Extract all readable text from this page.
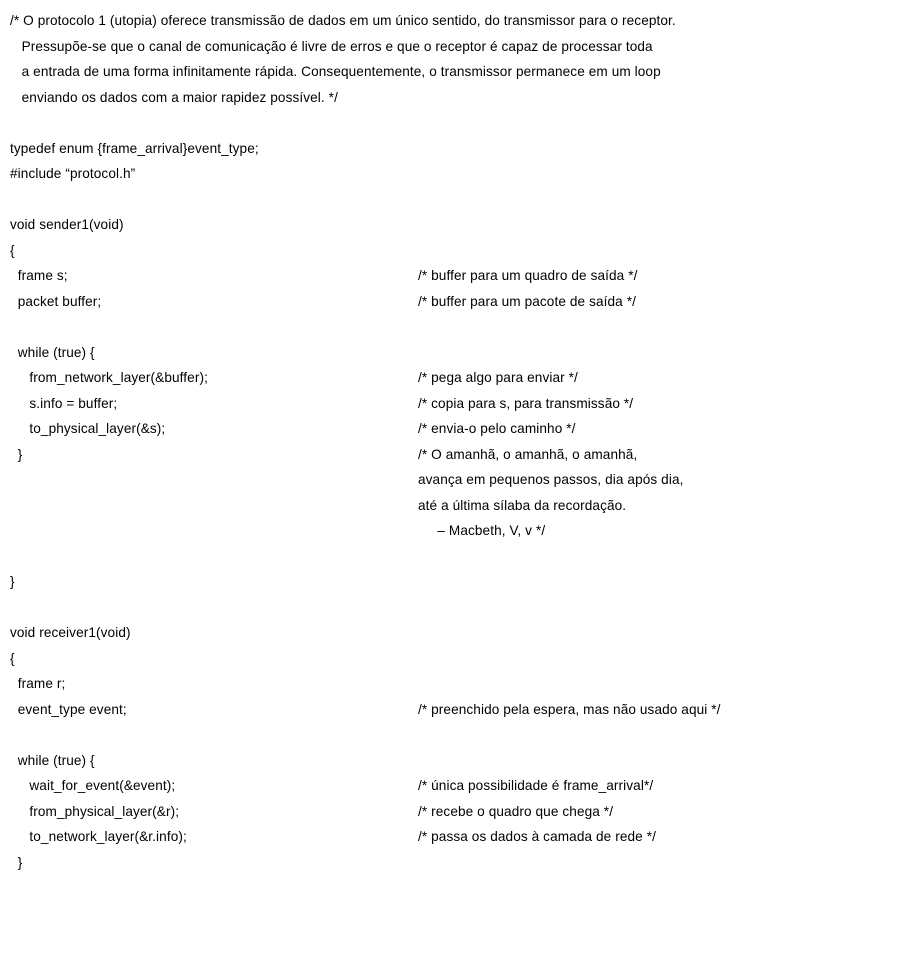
/* O protocolo 1 (utopia) oferece transmissão de dados em um único sentido, do transmissor para o receptor.
Pressupõe-se que o canal de comunicação é livre de erros e que o receptor é capaz de processar toda
a entrada de uma forma infinitamente rápida. Consequentemente, o transmissor permanece em um loop
enviando os dados com a maior rapidez possível. */
typedef enum {frame_arrival}event_type;
#include “protocol.h”
void sender1(void)
{
frame s;	/* buffer para um quadro de saída */
packet buffer;	/* buffer para um pacote de saída */
while (true) {
from_network_layer(&buffer);	/* pega algo para enviar */
s.info = buffer;	/* copia para s, para transmissão */
to_physical_layer(&s);	/* envia-o pelo caminho */
}	/* O amanhã, o amanhã, o amanhã,
avança em pequenos passos, dia após dia,
até a última sílaba da recordação.
– Macbeth, V, v */
}
void receiver1(void)
{
frame r;
event_type event;	/* preenchido pela espera, mas não usado aqui */
while (true) {
wait_for_event(&event);	/* única possibilidade é frame_arrival*/
from_physical_layer(&r);	/* recebe o quadro que chega */
to_network_layer(&r.info);	/* passa os dados à camada de rede */
}
